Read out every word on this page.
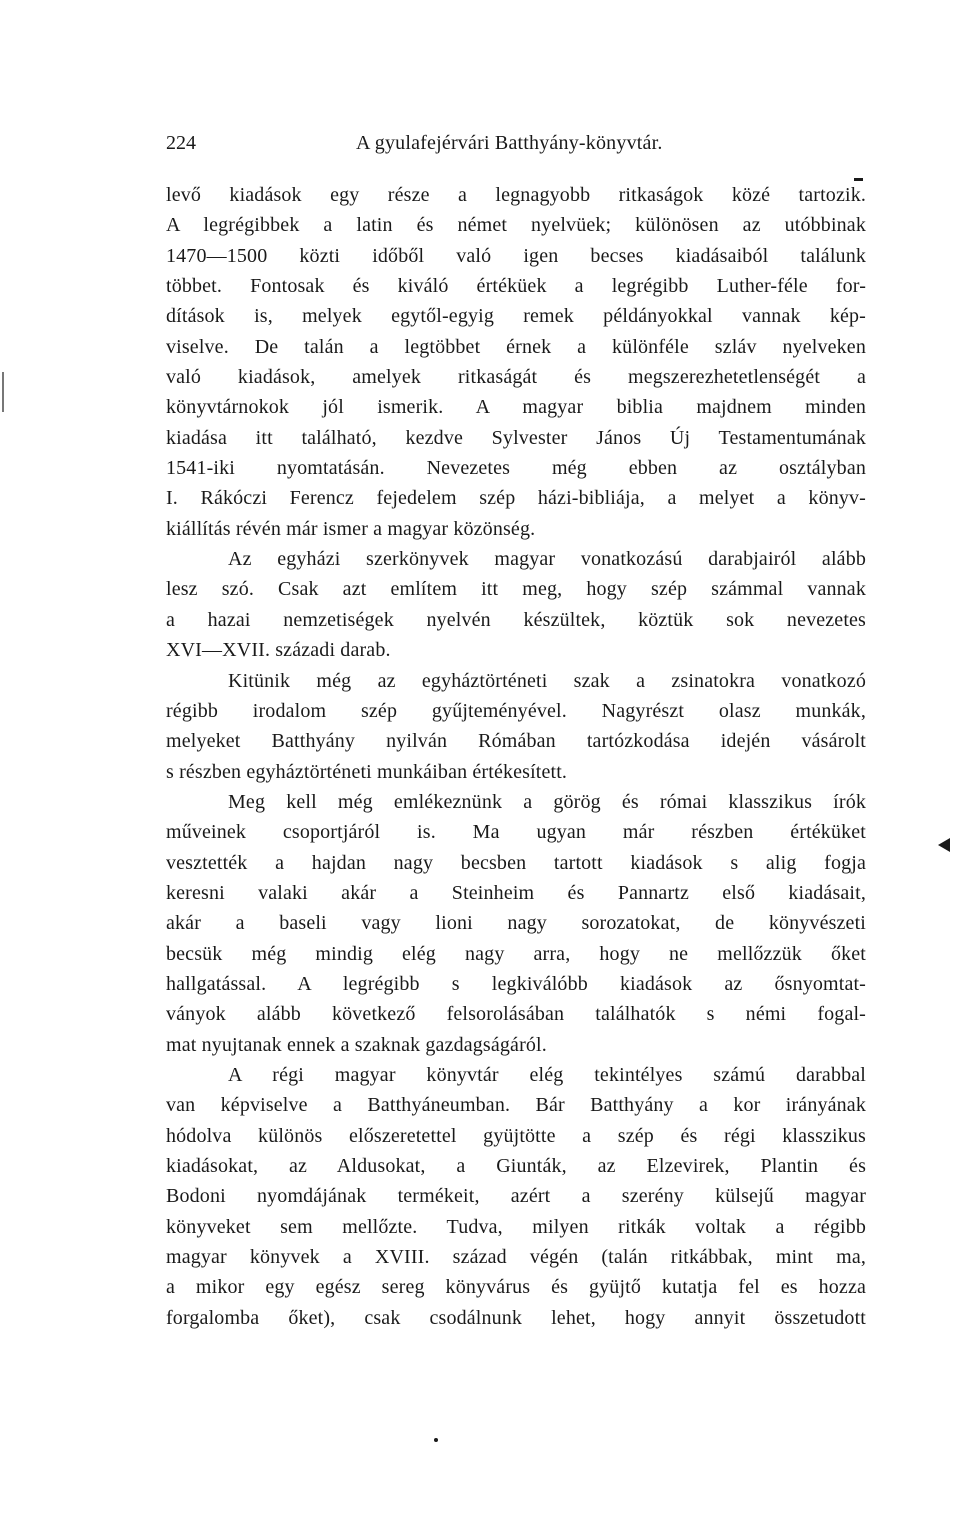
224	A gyulafejérvári Batthyány-könyvtár.
levő kiadások egy része a legnagyobb ritkaságok közé tartozik.
A legrégibbek a latin és német nyelvüek; különösen az utóbbinak
1470—1500 közti időből való igen becses kiadásaiból találunk
többet. Fontosak és kiváló értéküek a legrégibb Luther-féle for-
dítások is, melyek egytől-egyig remek példányokkal vannak kép-
viselve. De talán a legtöbbet érnek a különféle szláv nyelveken
való kiadások, amelyek ritkaságát és megszerezhetetlenségét a
könyvtárnokok jól ismerik. A magyar biblia majdnem minden
kiadása itt található, kezdve Sylvester János Új Testamentumának
1541-iki nyomtatásán. Nevezetes még ebben az osztályban
I. Rákóczi Ferencz fejedelem szép házi-bibliája, a melyet a könyv-
kiállítás révén már ismer a magyar közönség.
Az egyházi szerkönyvek magyar vonatkozású darabjairól alább
lesz szó. Csak azt említem itt meg, hogy szép számmal vannak
a hazai nemzetiségek nyelvén készültek, köztük sok nevezetes
XVI—XVII. századi darab.
Kitünik még az egyháztörténeti szak a zsinatokra vonatkozó
régibb irodalom szép gyűjteményével. Nagyrészt olasz munkák,
melyeket Batthyány nyilván Rómában tartózkodása idején vásárolt
s részben egyháztörténeti munkáiban értékesített.
Meg kell még emlékeznünk a görög és római klasszikus írók
műveinek csoportjáról is. Ma ugyan már részben értéküket
vesztették a hajdan nagy becsben tartott kiadások s alig fogja
keresni valaki akár a Steinheim és Pannartz első kiadásait,
akár a baseli vagy lioni nagy sorozatokat, de könyvészeti
becsük még mindig elég nagy arra, hogy ne mellőzzük őket
hallgatással. A legrégibb s legkiválóbb kiadások az ősnyomtat-
ványok alább következő felsorolásában találhatók s némi fogal-
mat nyujtanak ennek a szaknak gazdagságáról.
A régi magyar könyvtár elég tekintélyes számú darabbal
van képviselve a Batthyáneumban. Bár Batthyány a kor irányának
hódolva különös előszeretettel gyüjtötte a szép és régi klasszikus
kiadásokat, az Aldusokat, a Giunták, az Elzevirek, Plantin és
Bodoni nyomdájának termékeit, azért a szerény külsejű magyar
könyveket sem mellőzte. Tudva, milyen ritkák voltak a régibb
magyar könyvek a XVIII. század végén (talán ritkábbak, mint ma,
a mikor egy egész sereg könyvárus és gyüjtő kutatja fel es hozza
forgalomba őket), csak csodálnunk lehet, hogy annyit összetudott
